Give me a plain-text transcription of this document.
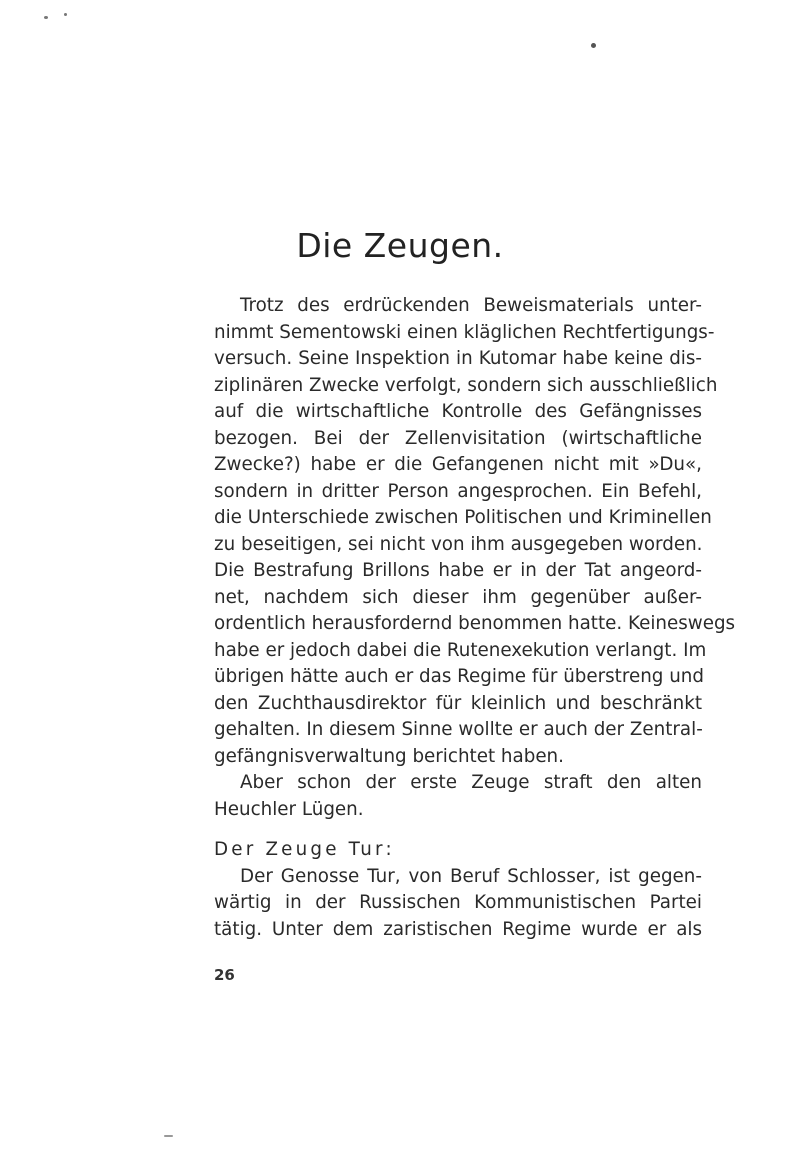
Die Zeugen.
Trotz des erdrückenden Beweismaterials unter-
nimmt Sementowski einen kläglichen Rechtfertigungs-
versuch. Seine Inspektion in Kutomar habe keine dis-
ziplinären Zwecke verfolgt, sondern sich ausschließlich
auf die wirtschaftliche Kontrolle des Gefängnisses
bezogen. Bei der Zellenvisitation (wirtschaftliche
Zwecke?) habe er die Gefangenen nicht mit »Du«,
sondern in dritter Person angesprochen. Ein Befehl,
die Unterschiede zwischen Politischen und Kriminellen
zu beseitigen, sei nicht von ihm ausgegeben worden.
Die Bestrafung Brillons habe er in der Tat angeord-
net, nachdem sich dieser ihm gegenüber außer-
ordentlich herausfordernd benommen hatte. Keineswegs
habe er jedoch dabei die Rutenexekution verlangt. Im
übrigen hätte auch er das Regime für überstreng und
den Zuchthausdirektor für kleinlich und beschränkt
gehalten. In diesem Sinne wollte er auch der Zentral-
gefängnisverwaltung berichtet haben.
Aber schon der erste Zeuge straft den alten
Heuchler Lügen.
Der Zeuge Tur:
Der Genosse Tur, von Beruf Schlosser, ist gegen-
wärtig in der Russischen Kommunistischen Partei
tätig. Unter dem zaristischen Regime wurde er als
26
